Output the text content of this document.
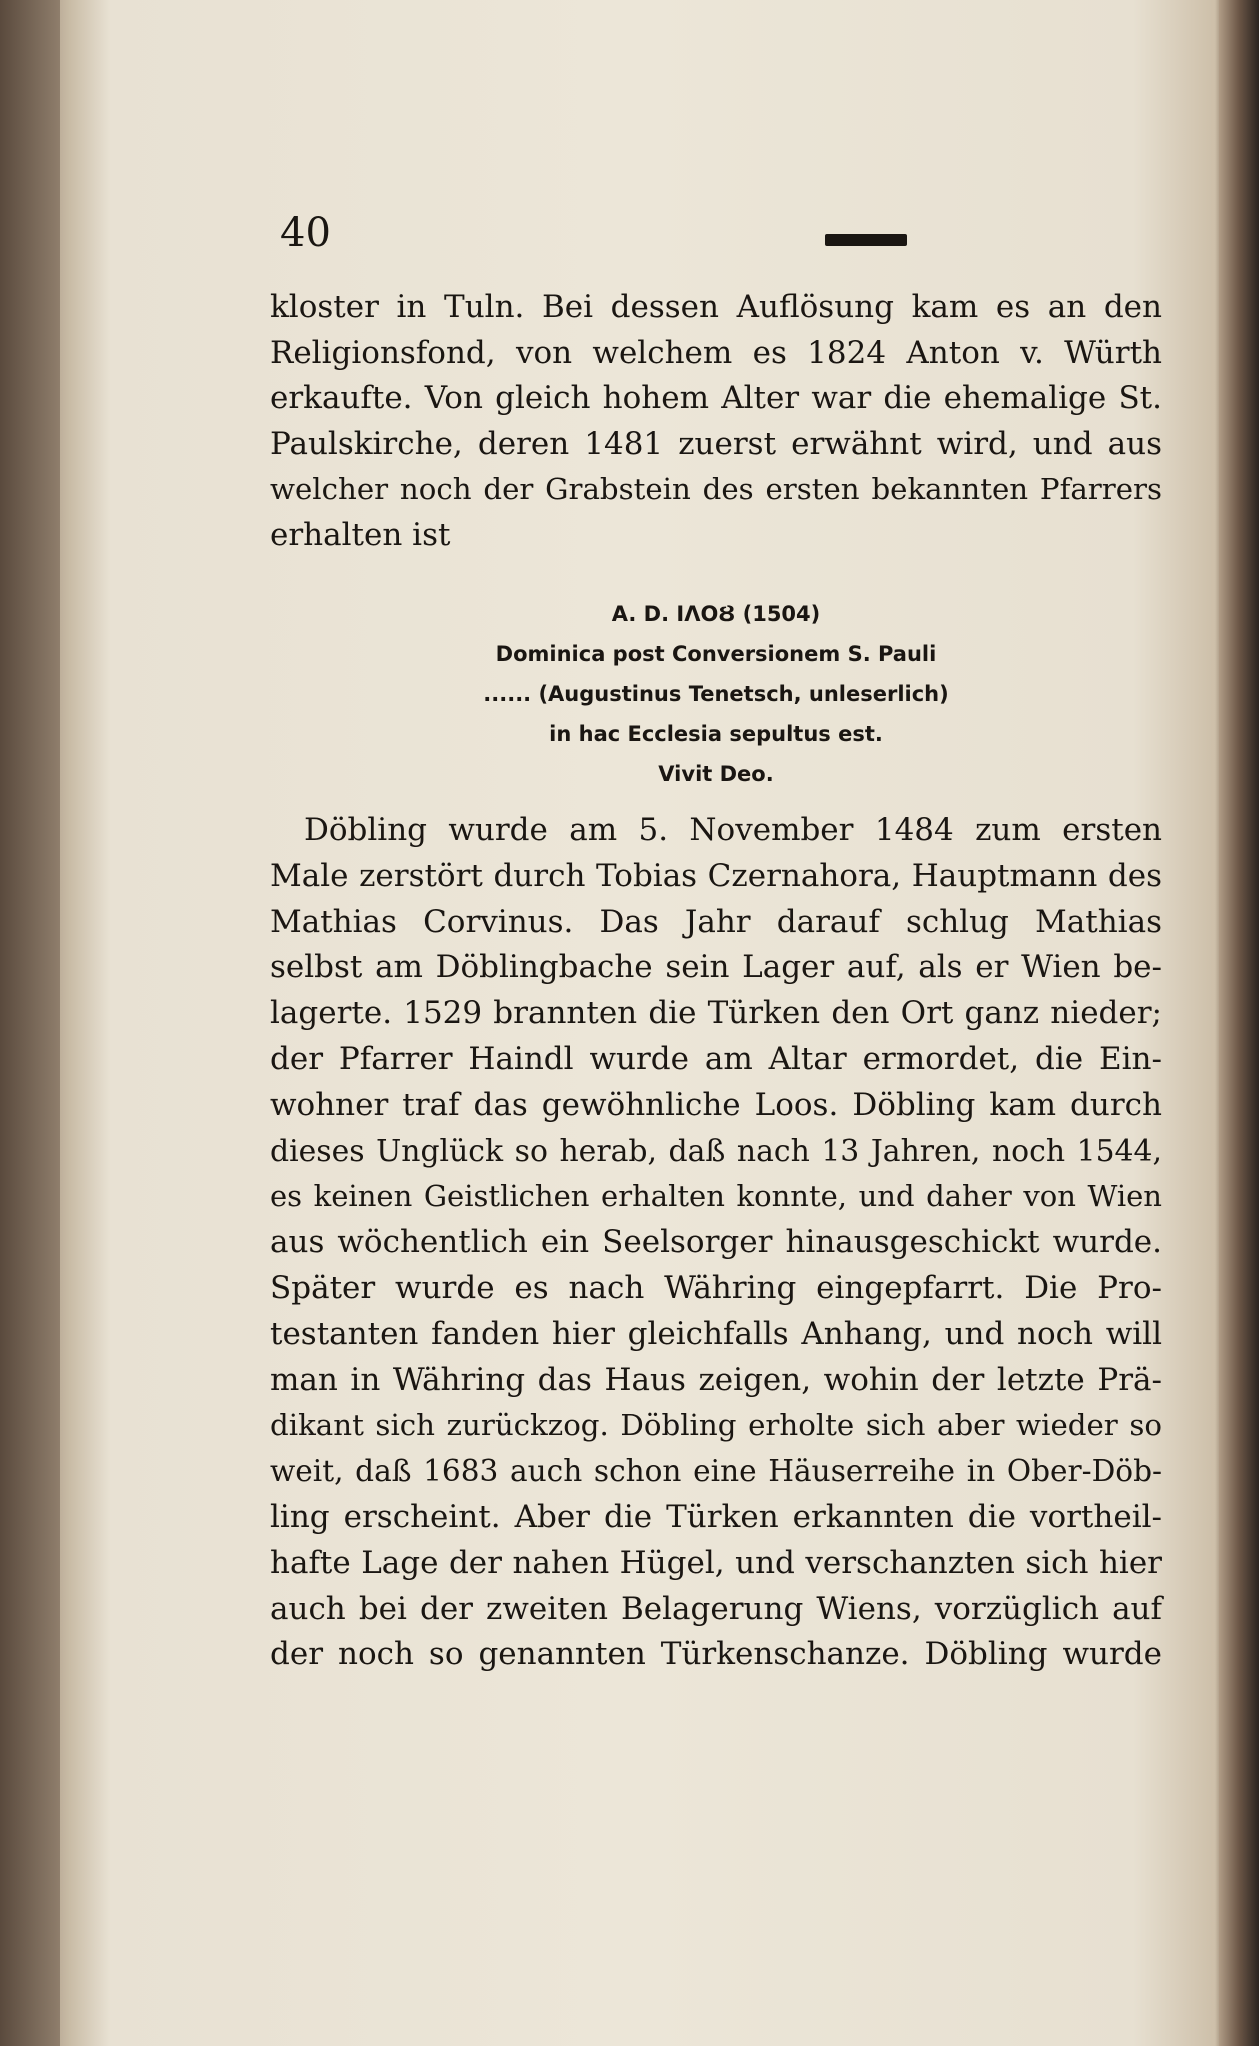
40
kloster in Tuln. Bei dessen Auflösung kam es an den
Religionsfond, von welchem es 1824 Anton v. Würth
erkaufte. Von gleich hohem Alter war die ehemalige St.
Paulskirche, deren 1481 zuerst erwähnt wird, und aus
welcher noch der Grabstein des ersten bekannten Pfarrers
erhalten ist
A. D. IΛOȢ (1504)
Dominica post Conversionem S. Pauli
...... (Augustinus Tenetsch, unleserlich)
in hac Ecclesia sepultus est.
Vivit Deo.
Döbling wurde am 5. November 1484 zum ersten
Male zerstört durch Tobias Czernahora, Hauptmann des
Mathias Corvinus. Das Jahr darauf schlug Mathias
selbst am Döblingbache sein Lager auf, als er Wien be-
lagerte. 1529 brannten die Türken den Ort ganz nieder;
der Pfarrer Haindl wurde am Altar ermordet, die Ein-
wohner traf das gewöhnliche Loos. Döbling kam durch
dieses Unglück so herab, daß nach 13 Jahren, noch 1544,
es keinen Geistlichen erhalten konnte, und daher von Wien
aus wöchentlich ein Seelsorger hinausgeschickt wurde.
Später wurde es nach Währing eingepfarrt. Die Pro-
testanten fanden hier gleichfalls Anhang, und noch will
man in Währing das Haus zeigen, wohin der letzte Prä-
dikant sich zurückzog. Döbling erholte sich aber wieder so
weit, daß 1683 auch schon eine Häuserreihe in Ober-Döb-
ling erscheint. Aber die Türken erkannten die vortheil-
hafte Lage der nahen Hügel, und verschanzten sich hier
auch bei der zweiten Belagerung Wiens, vorzüglich auf
der noch so genannten Türkenschanze. Döbling wurde
